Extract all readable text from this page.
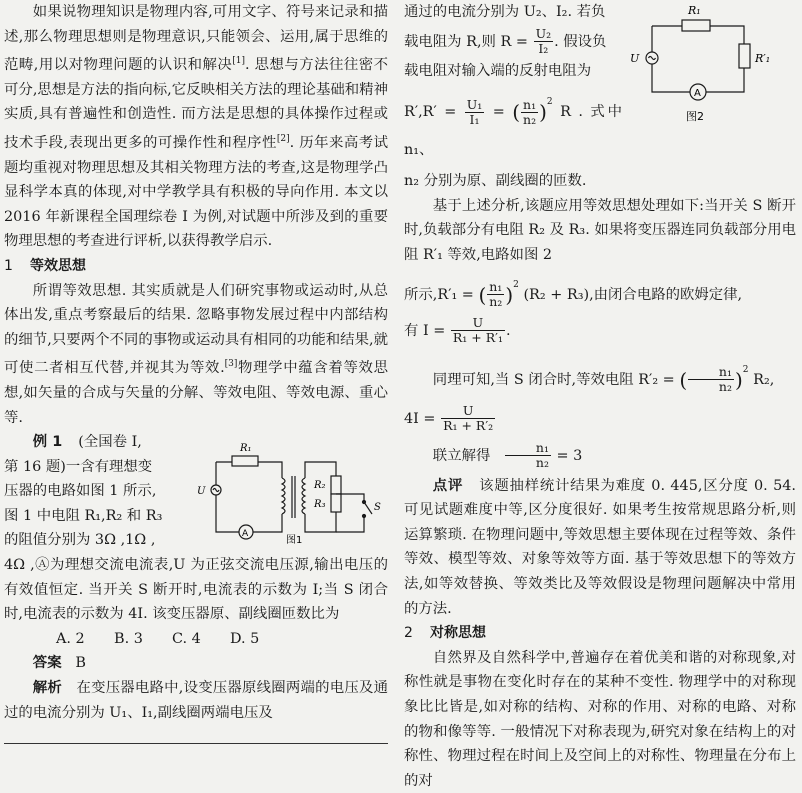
如果说物理知识是物理内容,可用文字、符号来记录和描述,那么物理思想则是物理意识,只能领会、运用,属于思维的范畴,用以对物理问题的认识和解决[1]. 思想与方法往往密不可分,思想是方法的指向标,它反映相关方法的理论基础和精神实质,具有普遍性和创造性. 而方法是思想的具体操作过程或技术手段,表现出更多的可操作性和程序性[2]. 历年来高考试题均重视对物理思想及其相关物理方法的考查,这是物理学凸显科学本真的体现,对中学教学具有积极的导向作用. 本文以 2016 年新课程全国理综卷 I 为例,对试题中所涉及到的重要物理思想的考查进行评析,以获得教学启示.

1 等效思想

所谓等效思想. 其实质就是人们研究事物或运动时,从总体出发,重点考察最后的结果. 忽略事物发展过程中内部结构的细节,只要两个不同的事物或运动具有相同的功能和结果,就可使二者相互代替,并视其为等效.[3]物理学中蕴含着等效思想,如矢量的合成与矢量的分解、等效电阻、等效电源、重心等.

例 1 (全国卷 I,

第 16 题)一含有理想变

压器的电路如图 1 所示,

图 1 中电阻 R₁,R₂ 和 R₃

的阻值分别为 3Ω ,1Ω ,

4Ω ,Ⓐ为理想交流电流表,U 为正弦交流电压源,输出电压的有效值恒定. 当开关 S 断开时,电流表的示数为 I;当 S 闭合时,电流表的示数为 4I. 该变压器原、副线圈匝数比为

A. 2 B. 3 C. 4 D. 5

答案 B

解析 在变压器电路中,设变压器原线圈两端的电压及通过的电流分别为 U₁、I₁,副线圈两端电压及

R₁
U
A
R₂
R₃	S
图1

通过的电流分别为 U₂、I₂. 若负

载电阻为 R,则 $R = \frac{\text{U₂}}{\text{I₂}}$ . 假设负

载电阻对输入端的反射电阻为

$R',R' = \frac{\text{U₁}}{\text{I₁}}$ = ( $\frac{\text{n₁}}{\text{n₂}} )^2$ R . 式中 n₁、

n₂ 分别为原、副线圈的匝数.

基于上述分析,该题应用等效思想处理如下:当开关 S 断开时,负载部分有电阻 R₂ 及 R₃. 如果将变压器连同负载部分用电阻 R′₁ 等效,电路如图 2

所示,R′₁ = ( $\frac{\text{n₁}}{\text{n₂}} )^2$ (R₂ + R₃),由闭合电路的欧姆定律,

有 $I = \frac{U}{\text{R₁ + R′₁}}$ .

同理可知,当 S 闭合时,等效电阻 R′₂ = ( $\frac{\text{n₁}}{\text{n₂}} )^2$ R₂,

$4I = \frac{U}{\text{R₁ + R′₂}}$

联立解得 $\frac{\text{n₁}}{\text{n₂}} = 3$

点评 该题抽样统计结果为难度 0. 445,区分度 0. 54. 可见试题难度中等,区分度很好. 如果考生按常规思路分析,则运算繁琐. 在物理问题中,等效思想主要体现在过程等效、条件等效、模型等效、对象等效等方面. 基于等效思想下的等效方法,如等效替换、等效类比及等效假设是物理问题解决中常用的方法.

2 对称思想

自然界及自然科学中,普遍存在着优美和谐的对称现象,对称性就是事物在变化时存在的某种不变性. 物理学中的对称现象比比皆是,如对称的结构、对称的作用、对称的电路、对称的物和像等等. 一般情况下对称表现为,研究对象在结构上的对称性、物理过程在时间上及空间上的对称性、物理量在分布上的对

R₁
R′₁
U
A
图2
